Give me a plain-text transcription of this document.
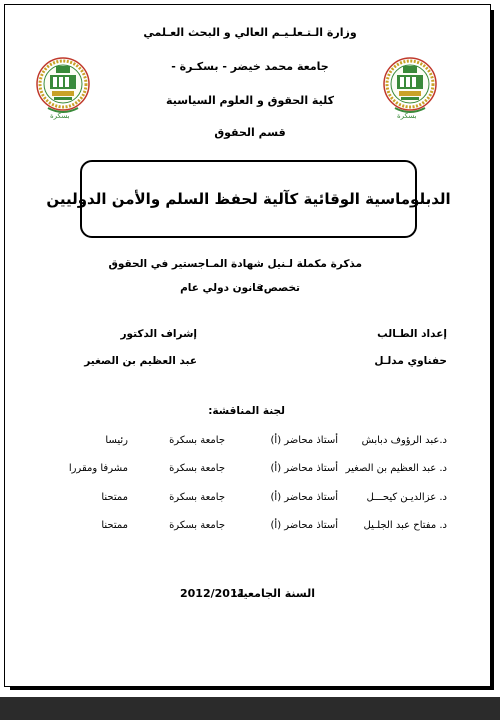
وزارة الـتـعلـيـم العالي و البحث العـلمي
جامعة محمد خيضر - بسكـرة -
كلية الحقوق و العلوم السياسية
قسم الحقوق
بسكرة	بسكرة
الدبلوماسية الوقائية كآلية لحفظ السلم والأمن الدوليين
مذكرة مكملة لـنيل شهادة المـاجستير في الحقوق
تخصص:
قانون دولي عام
إعداد الطـالب
حفناوي مدلـل
إشراف الدكتور
عبد العظيم بن الصغير
لجنة المناقشة:
د.عبد الرؤوف دبابش
أستاذ محاضر (أ)
جامعة بسكرة
رئيسا
د. عبد العظيم بن الصغير
أستاذ محاضر (أ)
جامعة بسكرة
مشرفا ومقررا
د. عزالديـن كيحـــل
أستاذ محاضر (أ)
جامعة بسكرة
ممتحنا
د. مفتاح عبد الجلـيل
أستاذ محاضر (أ)
جامعة بسكرة
ممتحنا
السنة الجامعية:
2012/2011
